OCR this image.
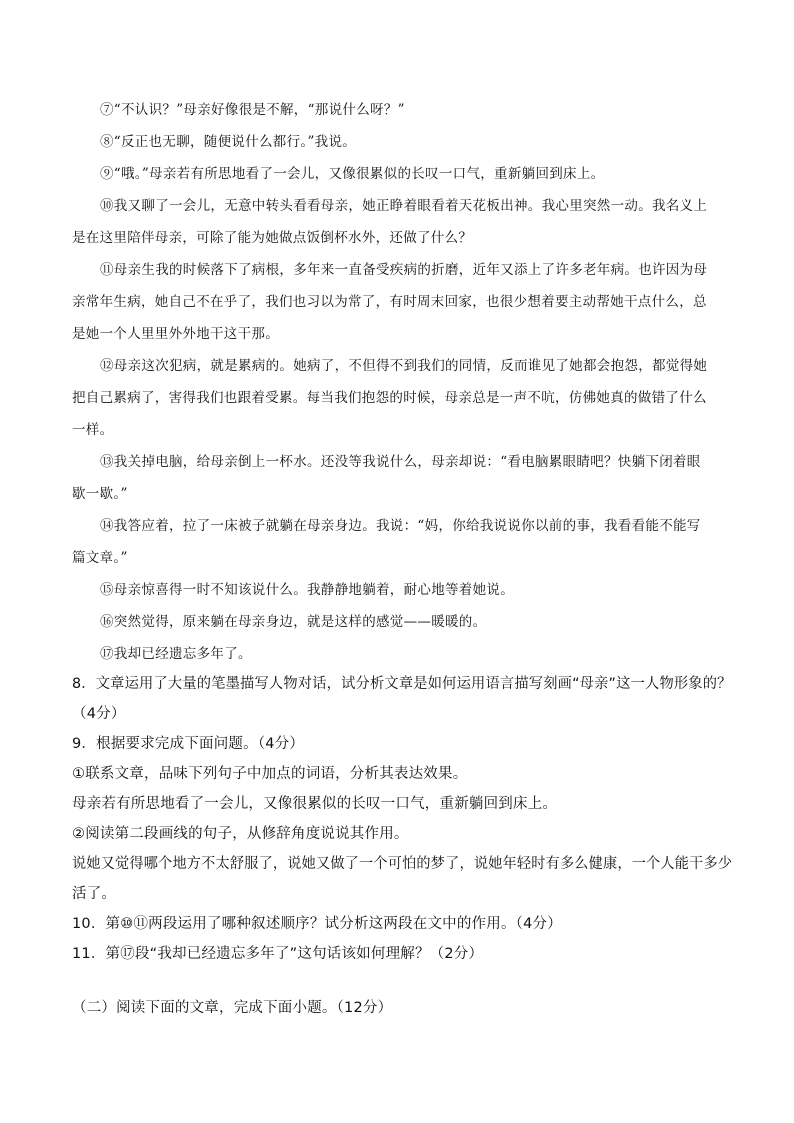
⑦“不认识？”母亲好像很是不解，“那说什么呀？”
⑧“反正也无聊，随便说什么都行。”我说。
⑨“哦。”母亲若有所思地看了一会儿，又像很累似的长叹一口气，重新躺回到床上。
⑩我又聊了一会儿，无意中转头看看母亲，她正睁着眼看着天花板出神。我心里突然一动。我名义上
是在这里陪伴母亲，可除了能为她做点饭倒杯水外，还做了什么？
⑪母亲生我的时候落下了病根，多年来一直备受疾病的折磨，近年又添上了许多老年病。也许因为母
亲常年生病，她自己不在乎了，我们也习以为常了，有时周末回家，也很少想着要主动帮她干点什么，总
是她一个人里里外外地干这干那。
⑫母亲这次犯病，就是累病的。她病了，不但得不到我们的同情，反而谁见了她都会抱怨，都觉得她
把自己累病了，害得我们也跟着受累。每当我们抱怨的时候，母亲总是一声不吭，仿佛她真的做错了什么
一样。
⑬我关掉电脑，给母亲倒上一杯水。还没等我说什么，母亲却说：“看电脑累眼睛吧？快躺下闭着眼
歇一歇。”
⑭我答应着，拉了一床被子就躺在母亲身边。我说：“妈，你给我说说你以前的事，我看看能不能写
篇文章。”
⑮母亲惊喜得一时不知该说什么。我静静地躺着，耐心地等着她说。
⑯突然觉得，原来躺在母亲身边，就是这样的感觉——暖暖的。
⑰我却已经遗忘多年了。
8．文章运用了大量的笔墨描写人物对话，试分析文章是如何运用语言描写刻画“母亲”这一人物形象的？
（4分）
9．根据要求完成下面问题。（4分）
①联系文章，品味下列句子中加点的词语，分析其表达效果。
母亲若有所思地看了一会儿，又像很累似的长叹一口气，重新躺回到床上。
②阅读第二段画线的句子，从修辞角度说说其作用。
说她又觉得哪个地方不太舒服了，说她又做了一个可怕的梦了，说她年轻时有多么健康，一个人能干多少
活了。
10．第⑩⑪两段运用了哪种叙述顺序？试分析这两段在文中的作用。（4分）
11．第⑰段“我却已经遗忘多年了”这句话该如何理解？（2分）
（二）阅读下面的文章，完成下面小题。（12分）
